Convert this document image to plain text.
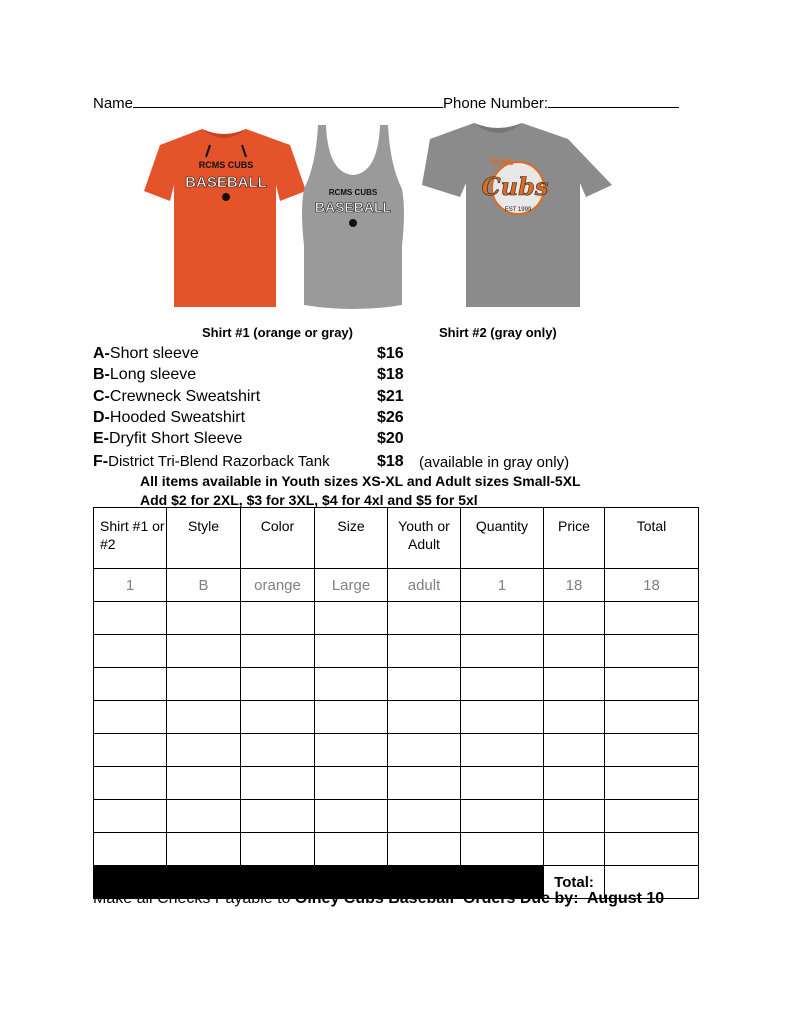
Name	Phone Number:
RCMS CUBS
BASEBALL
RCMS CUBS
BASEBALL
RCMS
Cubs
EST 1999
Shirt #1 (orange or gray)	Shirt #2 (gray only)
A-Short sleeve	$16
B-Long sleeve	$18
C-Crewneck Sweatshirt	$21
D-Hooded Sweatshirt	$26
E-Dryfit Short Sleeve	$20
F-District Tri-Blend Razorback Tank	$18 (available in gray only)
All items available in Youth sizes XS-XL and Adult sizes Small-5XL
Add $2 for 2XL, $3 for 3XL, $4 for 4xl and $5 for 5xl
Shirt #1 or #2	Style	Color	Size	Youth or Adult	Quantity	Price	Total
1	B	orange	Large	adult	1	18	18

						Total:	
Make all Checks Payable to Olney Cubs Baseball  Orders Due by:  August 10
